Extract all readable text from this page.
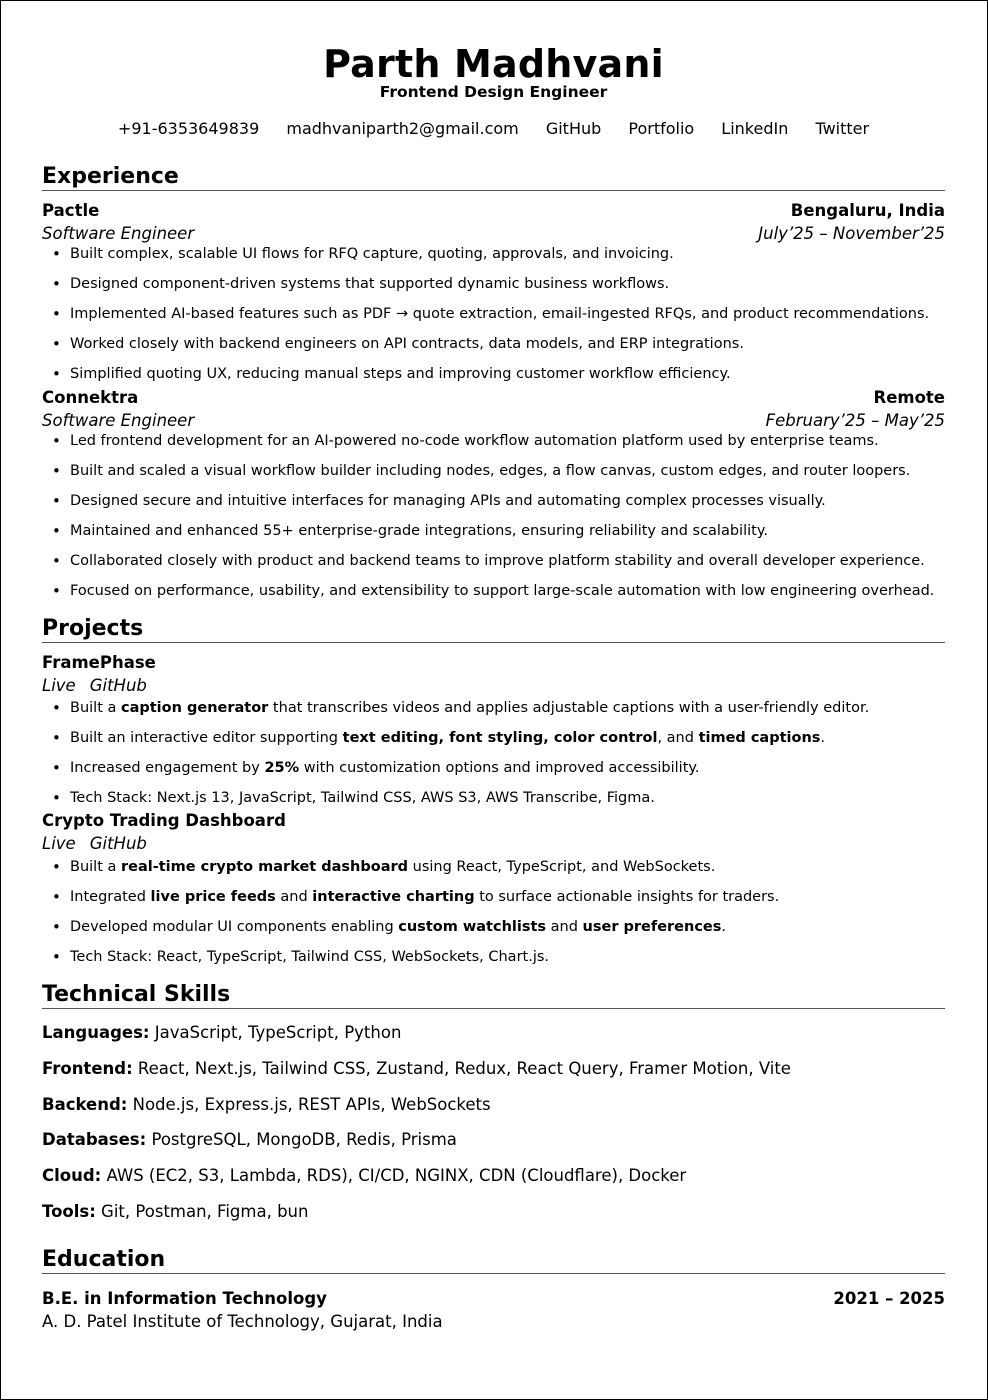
Parth Madhvani
Frontend Design Engineer
+91-6353649839 madhvaniparth2@gmail.com GitHub Portfolio LinkedIn Twitter
Experience
Pactle	Bengaluru, India
Software Engineer	July’25 – November’25
• Built complex, scalable UI flows for RFQ capture, quoting, approvals, and invoicing.
• Designed component-driven systems that supported dynamic business workflows.
• Implemented AI-based features such as PDF → quote extraction, email-ingested RFQs, and product recommendations.
• Worked closely with backend engineers on API contracts, data models, and ERP integrations.
• Simplified quoting UX, reducing manual steps and improving customer workflow efficiency.
Connektra	Remote
Software Engineer	February’25 – May’25
• Led frontend development for an AI-powered no-code workflow automation platform used by enterprise teams.
• Built and scaled a visual workflow builder including nodes, edges, a flow canvas, custom edges, and router loopers.
• Designed secure and intuitive interfaces for managing APIs and automating complex processes visually.
• Maintained and enhanced 55+ enterprise-grade integrations, ensuring reliability and scalability.
• Collaborated closely with product and backend teams to improve platform stability and overall developer experience.
• Focused on performance, usability, and extensibility to support large-scale automation with low engineering overhead.
Projects
FramePhase
Live GitHub
• Built a caption generator that transcribes videos and applies adjustable captions with a user-friendly editor.
• Built an interactive editor supporting text editing, font styling, color control, and timed captions.
• Increased engagement by 25% with customization options and improved accessibility.
• Tech Stack: Next.js 13, JavaScript, Tailwind CSS, AWS S3, AWS Transcribe, Figma.
Crypto Trading Dashboard
Live GitHub
• Built a real-time crypto market dashboard using React, TypeScript, and WebSockets.
• Integrated live price feeds and interactive charting to surface actionable insights for traders.
• Developed modular UI components enabling custom watchlists and user preferences.
• Tech Stack: React, TypeScript, Tailwind CSS, WebSockets, Chart.js.
Technical Skills
Languages: JavaScript, TypeScript, Python
Frontend: React, Next.js, Tailwind CSS, Zustand, Redux, React Query, Framer Motion, Vite
Backend: Node.js, Express.js, REST APIs, WebSockets
Databases: PostgreSQL, MongoDB, Redis, Prisma
Cloud: AWS (EC2, S3, Lambda, RDS), CI/CD, NGINX, CDN (Cloudflare), Docker
Tools: Git, Postman, Figma, bun
Education
B.E. in Information Technology	2021 – 2025
A. D. Patel Institute of Technology, Gujarat, India
